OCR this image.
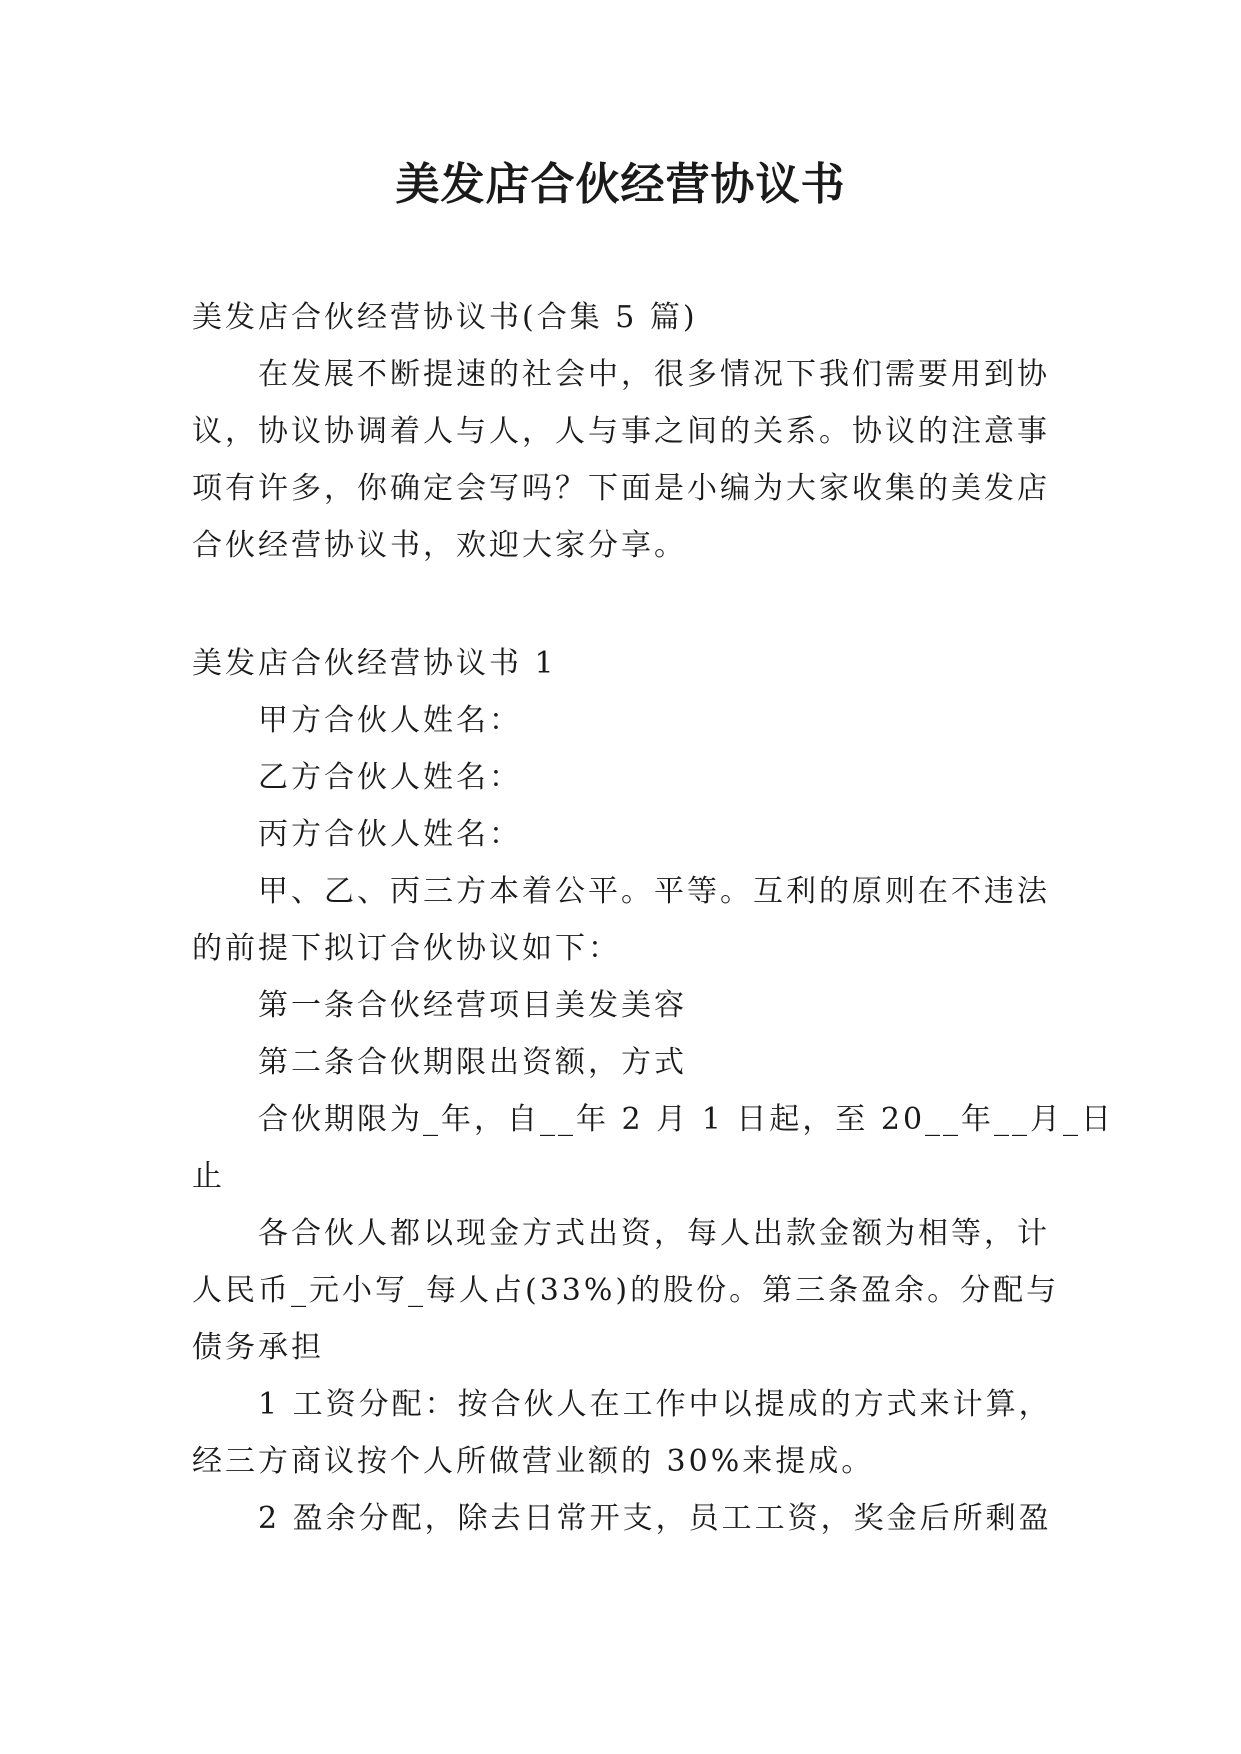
美发店合伙经营协议书
美发店合伙经营协议书(合集 5 篇)
在发展不断提速的社会中，很多情况下我们需要用到协
议，协议协调着人与人，人与事之间的关系。协议的注意事
项有许多，你确定会写吗？下面是小编为大家收集的美发店
合伙经营协议书，欢迎大家分享。
美发店合伙经营协议书 1
甲方合伙人姓名：
乙方合伙人姓名：
丙方合伙人姓名：
甲、乙、丙三方本着公平。平等。互利的原则在不违法
的前提下拟订合伙协议如下：
第一条合伙经营项目美发美容
第二条合伙期限出资额，方式
合伙期限为_年，自__年 2 月 1 日起，至 20__年__月_日
止
各合伙人都以现金方式出资，每人出款金额为相等，计
人民币_元小写_每人占(33%)的股份。第三条盈余。分配与
债务承担
1 工资分配：按合伙人在工作中以提成的方式来计算，
经三方商议按个人所做营业额的 30%来提成。
2 盈余分配，除去日常开支，员工工资，奖金后所剩盈
